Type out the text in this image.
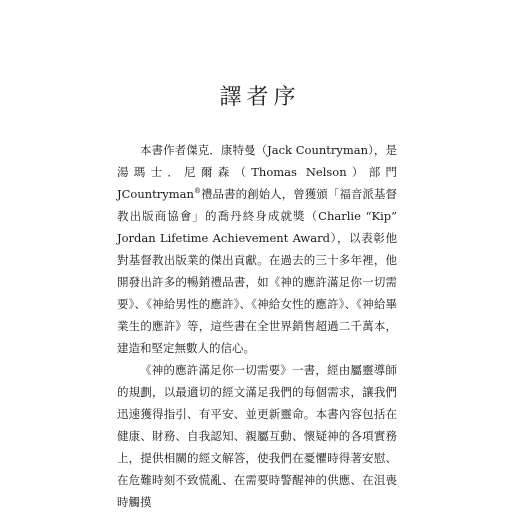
譯者序

本書作者傑克．康特曼（Jack Countryman），是湯瑪士．尼爾森（Thomas Nelson）部門JCountryman®禮品書的創始人，曾獲頒「福音派基督教出版商協會」的喬丹終身成就獎（Charlie “Kip” Jordan Lifetime Achievement Award），以表彰他對基督教出版業的傑出貢獻。在過去的三十多年裡，他開發出許多的暢銷禮品書，如《神的應許滿足你一切需要》、《神給男性的應許》、《神給女性的應許》、《神給畢業生的應許》等，這些書在全世界銷售超過二千萬本，建造和堅定無數人的信心。

《神的應許滿足你一切需要》一書，經由屬靈導師的規劃，以最適切的經文滿足我們的每個需求，讓我們迅速獲得指引、有平安、並更新靈命。本書內容包括在健康、財務、自我認知、親屬互動、懷疑神的各項實務上，提供相關的經文解答，使我們在憂懼時得著安慰、在危難時刻不致慌亂、在需要時警醒神的供應、在沮喪時觸摸
